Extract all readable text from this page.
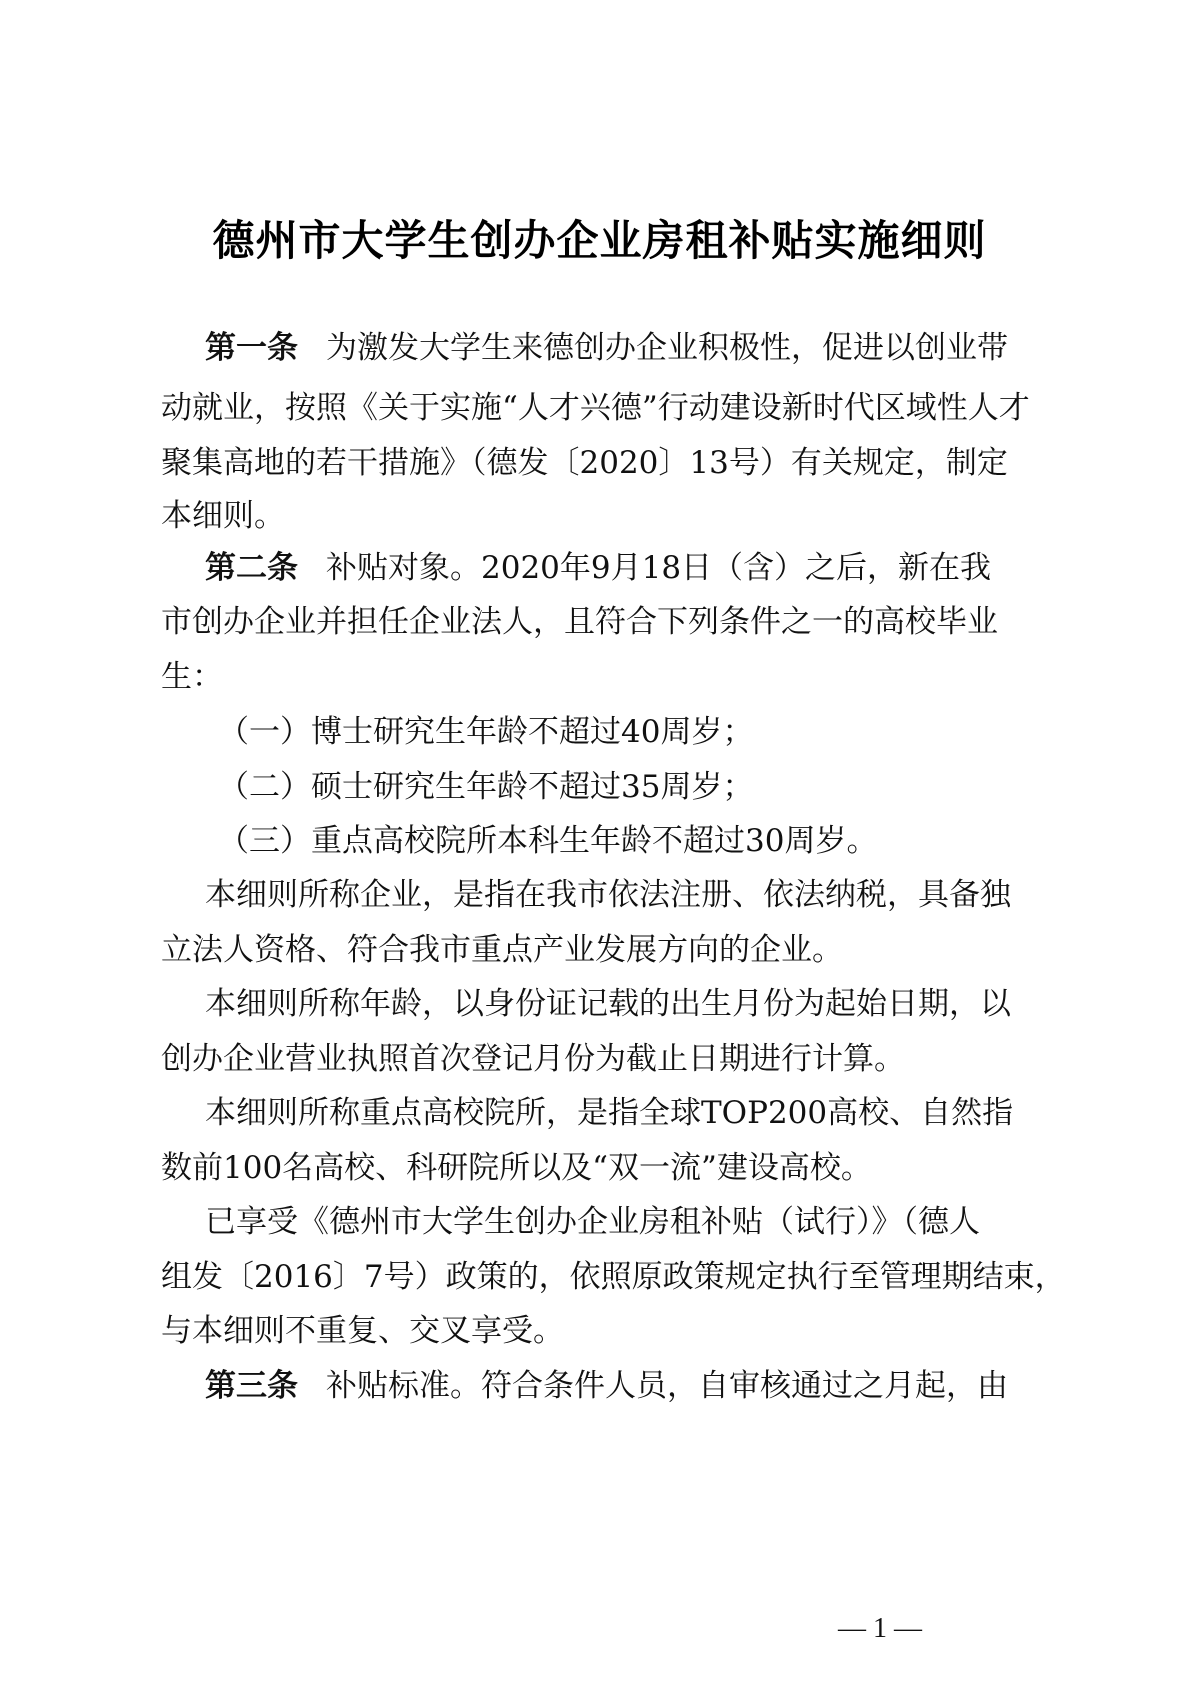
德州市大学生创办企业房租补贴实施细则
第一条 为激发大学生来德创办企业积极性，促进以创业带
动就业，按照《关于实施“人才兴德”行动建设新时代区域性人才
聚集高地的若干措施》（德发〔2020〕13号）有关规定，制定
本细则。
第二条 补贴对象。2020年9月18日（含）之后，新在我
市创办企业并担任企业法人，且符合下列条件之一的高校毕业
生：
（一）博士研究生年龄不超过40周岁；
（二）硕士研究生年龄不超过35周岁；
（三）重点高校院所本科生年龄不超过30周岁。
本细则所称企业，是指在我市依法注册、依法纳税，具备独
立法人资格、符合我市重点产业发展方向的企业。
本细则所称年龄，以身份证记载的出生月份为起始日期，以
创办企业营业执照首次登记月份为截止日期进行计算。
本细则所称重点高校院所，是指全球TOP200高校、自然指
数前100名高校、科研院所以及“双一流”建设高校。
已享受《德州市大学生创办企业房租补贴（试行）》（德人
组发〔2016〕7号）政策的，依照原政策规定执行至管理期结束，
与本细则不重复、交叉享受。
第三条 补贴标准。符合条件人员，自审核通过之月起，由
— 1 —
